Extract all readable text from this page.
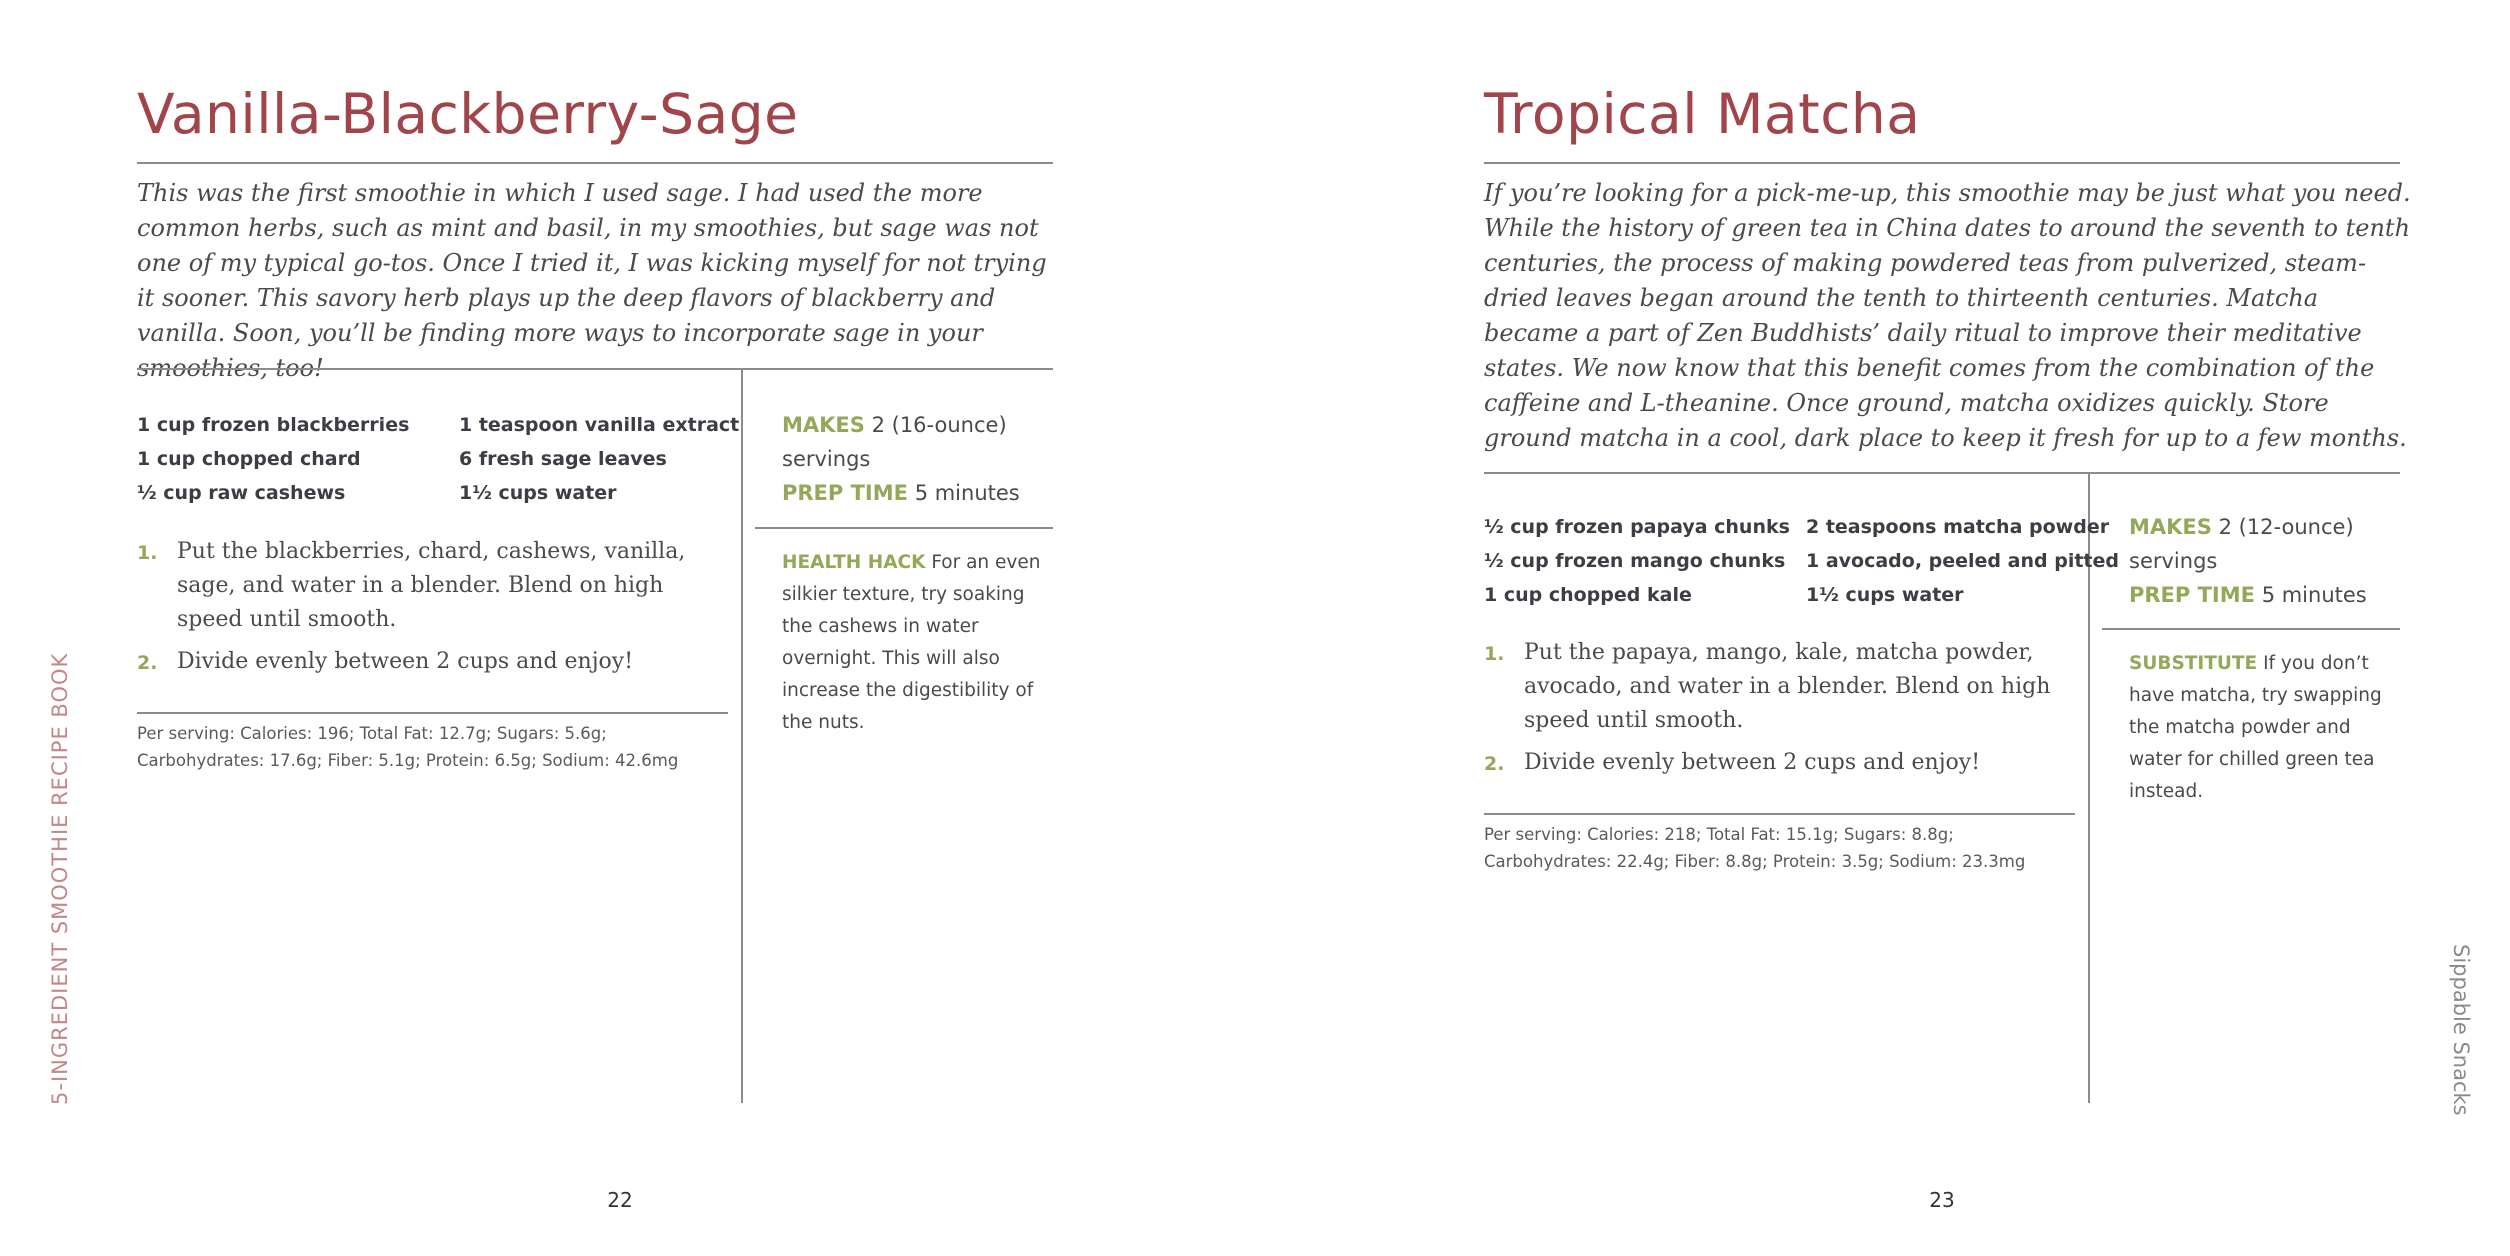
Vanilla-Blackberry-Sage

This was the first smoothie in which I used sage. I had used the more common herbs, such as mint and basil, in my smoothies, but sage was not one of my typical go-tos. Once I tried it, I was kicking myself for not trying it sooner. This savory herb plays up the deep flavors of blackberry and vanilla. Soon, you’ll be finding more ways to incorporate sage in your smoothies, too!

1 cup frozen blackberries
1 cup chopped chard
½ cup raw cashews
1 teaspoon vanilla extract
6 fresh sage leaves
1½ cups water

MAKES 2 (16-ounce) servings
PREP TIME 5 minutes

HEALTH HACK For an even silkier texture, try soaking the cashews in water overnight. This will also increase the digestibility of the nuts.

1. Put the blackberries, chard, cashews, vanilla, sage, and water in a blender. Blend on high speed until smooth.
2. Divide evenly between 2 cups and enjoy!

Per serving: Calories: 196; Total Fat: 12.7g; Sugars: 5.6g; Carbohydrates: 17.6g; Fiber: 5.1g; Protein: 6.5g; Sodium: 42.6mg

22
5-INGREDIENT SMOOTHIE RECIPE BOOK
Tropical Matcha

If you’re looking for a pick-me-up, this smoothie may be just what you need. While the history of green tea in China dates to around the seventh to tenth centuries, the process of making powdered teas from pulverized, steam-dried leaves began around the tenth to thirteenth centuries. Matcha became a part of Zen Buddhists’ daily ritual to improve their meditative states. We now know that this benefit comes from the combination of the caffeine and L-theanine. Once ground, matcha oxidizes quickly. Store ground matcha in a cool, dark place to keep it fresh for up to a few months.

½ cup frozen papaya chunks
½ cup frozen mango chunks
1 cup chopped kale
2 teaspoons matcha powder
1 avocado, peeled and pitted
1½ cups water

MAKES 2 (12-ounce) servings
PREP TIME 5 minutes

SUBSTITUTE If you don’t have matcha, try swapping the matcha powder and water for chilled green tea instead.

1. Put the papaya, mango, kale, matcha powder, avocado, and water in a blender. Blend on high speed until smooth.
2. Divide evenly between 2 cups and enjoy!

Per serving: Calories: 218; Total Fat: 15.1g; Sugars: 8.8g; Carbohydrates: 22.4g; Fiber: 8.8g; Protein: 3.5g; Sodium: 23.3mg

23
Sippable Snacks
